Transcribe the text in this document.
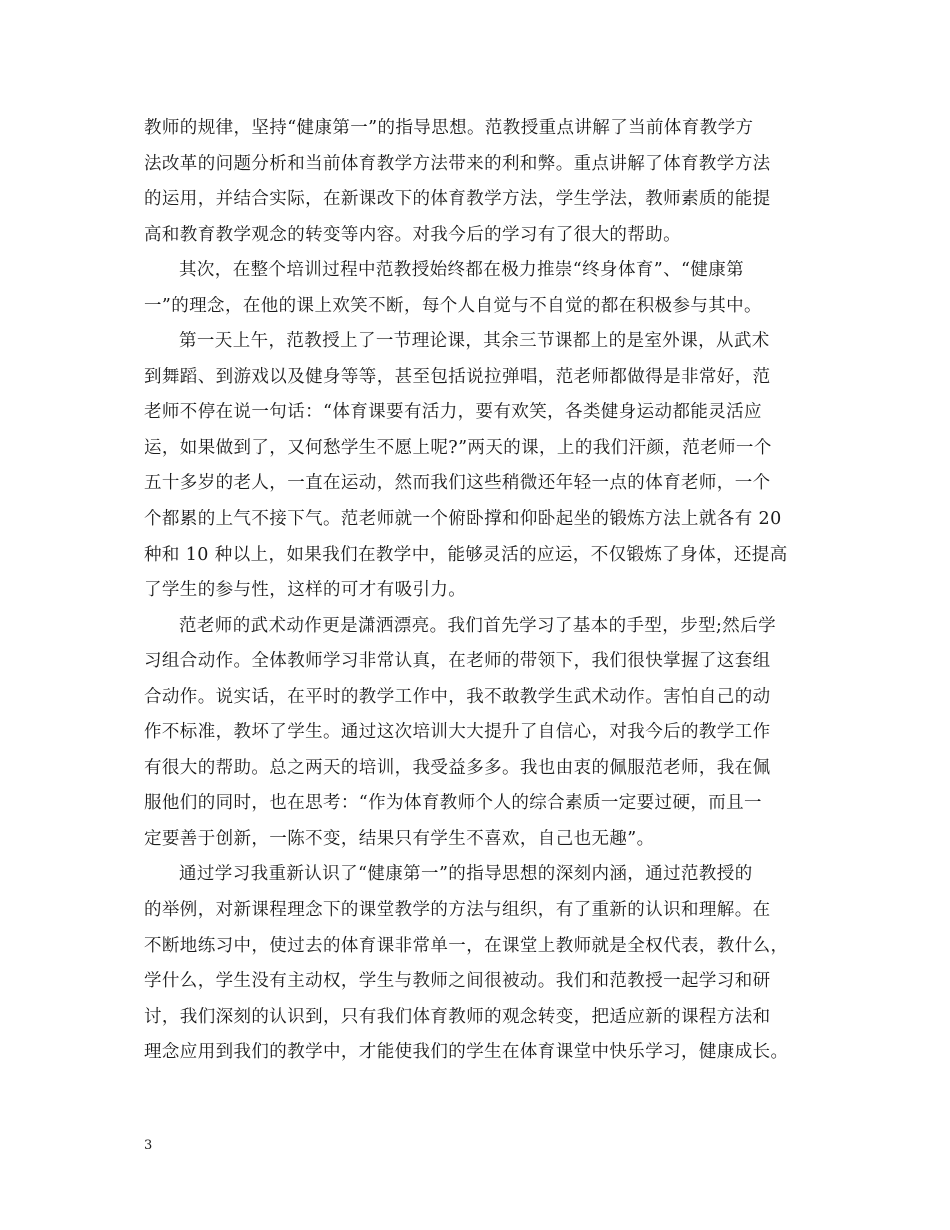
教师的规律，坚持“健康第一”的指导思想。范教授重点讲解了当前体育教学方
法改革的问题分析和当前体育教学方法带来的利和弊。重点讲解了体育教学方法
的运用，并结合实际，在新课改下的体育教学方法，学生学法，教师素质的能提
高和教育教学观念的转变等内容。对我今后的学习有了很大的帮助。
其次，在整个培训过程中范教授始终都在极力推崇“终身体育”、“健康第
一”的理念，在他的课上欢笑不断，每个人自觉与不自觉的都在积极参与其中。
第一天上午，范教授上了一节理论课，其余三节课都上的是室外课，从武术
到舞蹈、到游戏以及健身等等，甚至包括说拉弹唱，范老师都做得是非常好，范
老师不停在说一句话：“体育课要有活力，要有欢笑，各类健身运动都能灵活应
运，如果做到了，又何愁学生不愿上呢?”两天的课，上的我们汗颜，范老师一个
五十多岁的老人，一直在运动，然而我们这些稍微还年轻一点的体育老师，一个
个都累的上气不接下气。范老师就一个俯卧撑和仰卧起坐的锻炼方法上就各有 20
种和 10 种以上，如果我们在教学中，能够灵活的应运，不仅锻炼了身体，还提高
了学生的参与性，这样的可才有吸引力。
范老师的武术动作更是潇洒漂亮。我们首先学习了基本的手型，步型;然后学
习组合动作。全体教师学习非常认真，在老师的带领下，我们很快掌握了这套组
合动作。说实话，在平时的教学工作中，我不敢教学生武术动作。害怕自己的动
作不标准，教坏了学生。通过这次培训大大提升了自信心，对我今后的教学工作
有很大的帮助。总之两天的培训，我受益多多。我也由衷的佩服范老师，我在佩
服他们的同时，也在思考：“作为体育教师个人的综合素质一定要过硬，而且一
定要善于创新，一陈不变，结果只有学生不喜欢，自己也无趣”。
通过学习我重新认识了“健康第一”的指导思想的深刻内涵，通过范教授的
的举例，对新课程理念下的课堂教学的方法与组织，有了重新的认识和理解。在
不断地练习中，使过去的体育课非常单一，在课堂上教师就是全权代表，教什么，
学什么，学生没有主动权，学生与教师之间很被动。我们和范教授一起学习和研
讨，我们深刻的认识到，只有我们体育教师的观念转变，把适应新的课程方法和
理念应用到我们的教学中，才能使我们的学生在体育课堂中快乐学习，健康成长。
3
